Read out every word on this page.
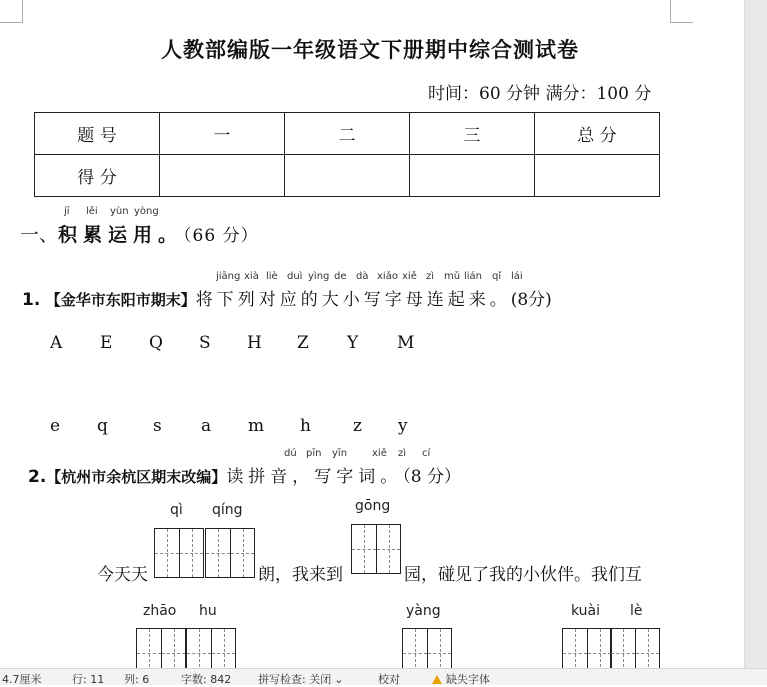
人教部编版一年级语文下册期中综合测试卷
时间：60 分钟 满分：100 分
题 号	一	二	三	总 分
得 分				
jī lěi yùn yòng
一、积累运用。（66 分）
jiāng xià liè duì yìng de dà xiǎo xiě zì mǔ lián qǐ lái
1. 【金华市东阳市期末】将下列对应的大小写字母连起来。(8分)
A E Q S H Z Y M
e q	s a m h z y
dú pīn yīn xiě zì cí
2.【杭州市余杭区期末改编】读拼音，写字词。（8 分）
qì qíng	gōng
今天天	朗，我来到	园，碰见了我的小伙伴。我们互
zhāo hu	yàng	kuài lè
4.7厘米	行: 11 列: 6	字数: 842 拼写检查: 关闭 ⌄	校对	缺失字体
